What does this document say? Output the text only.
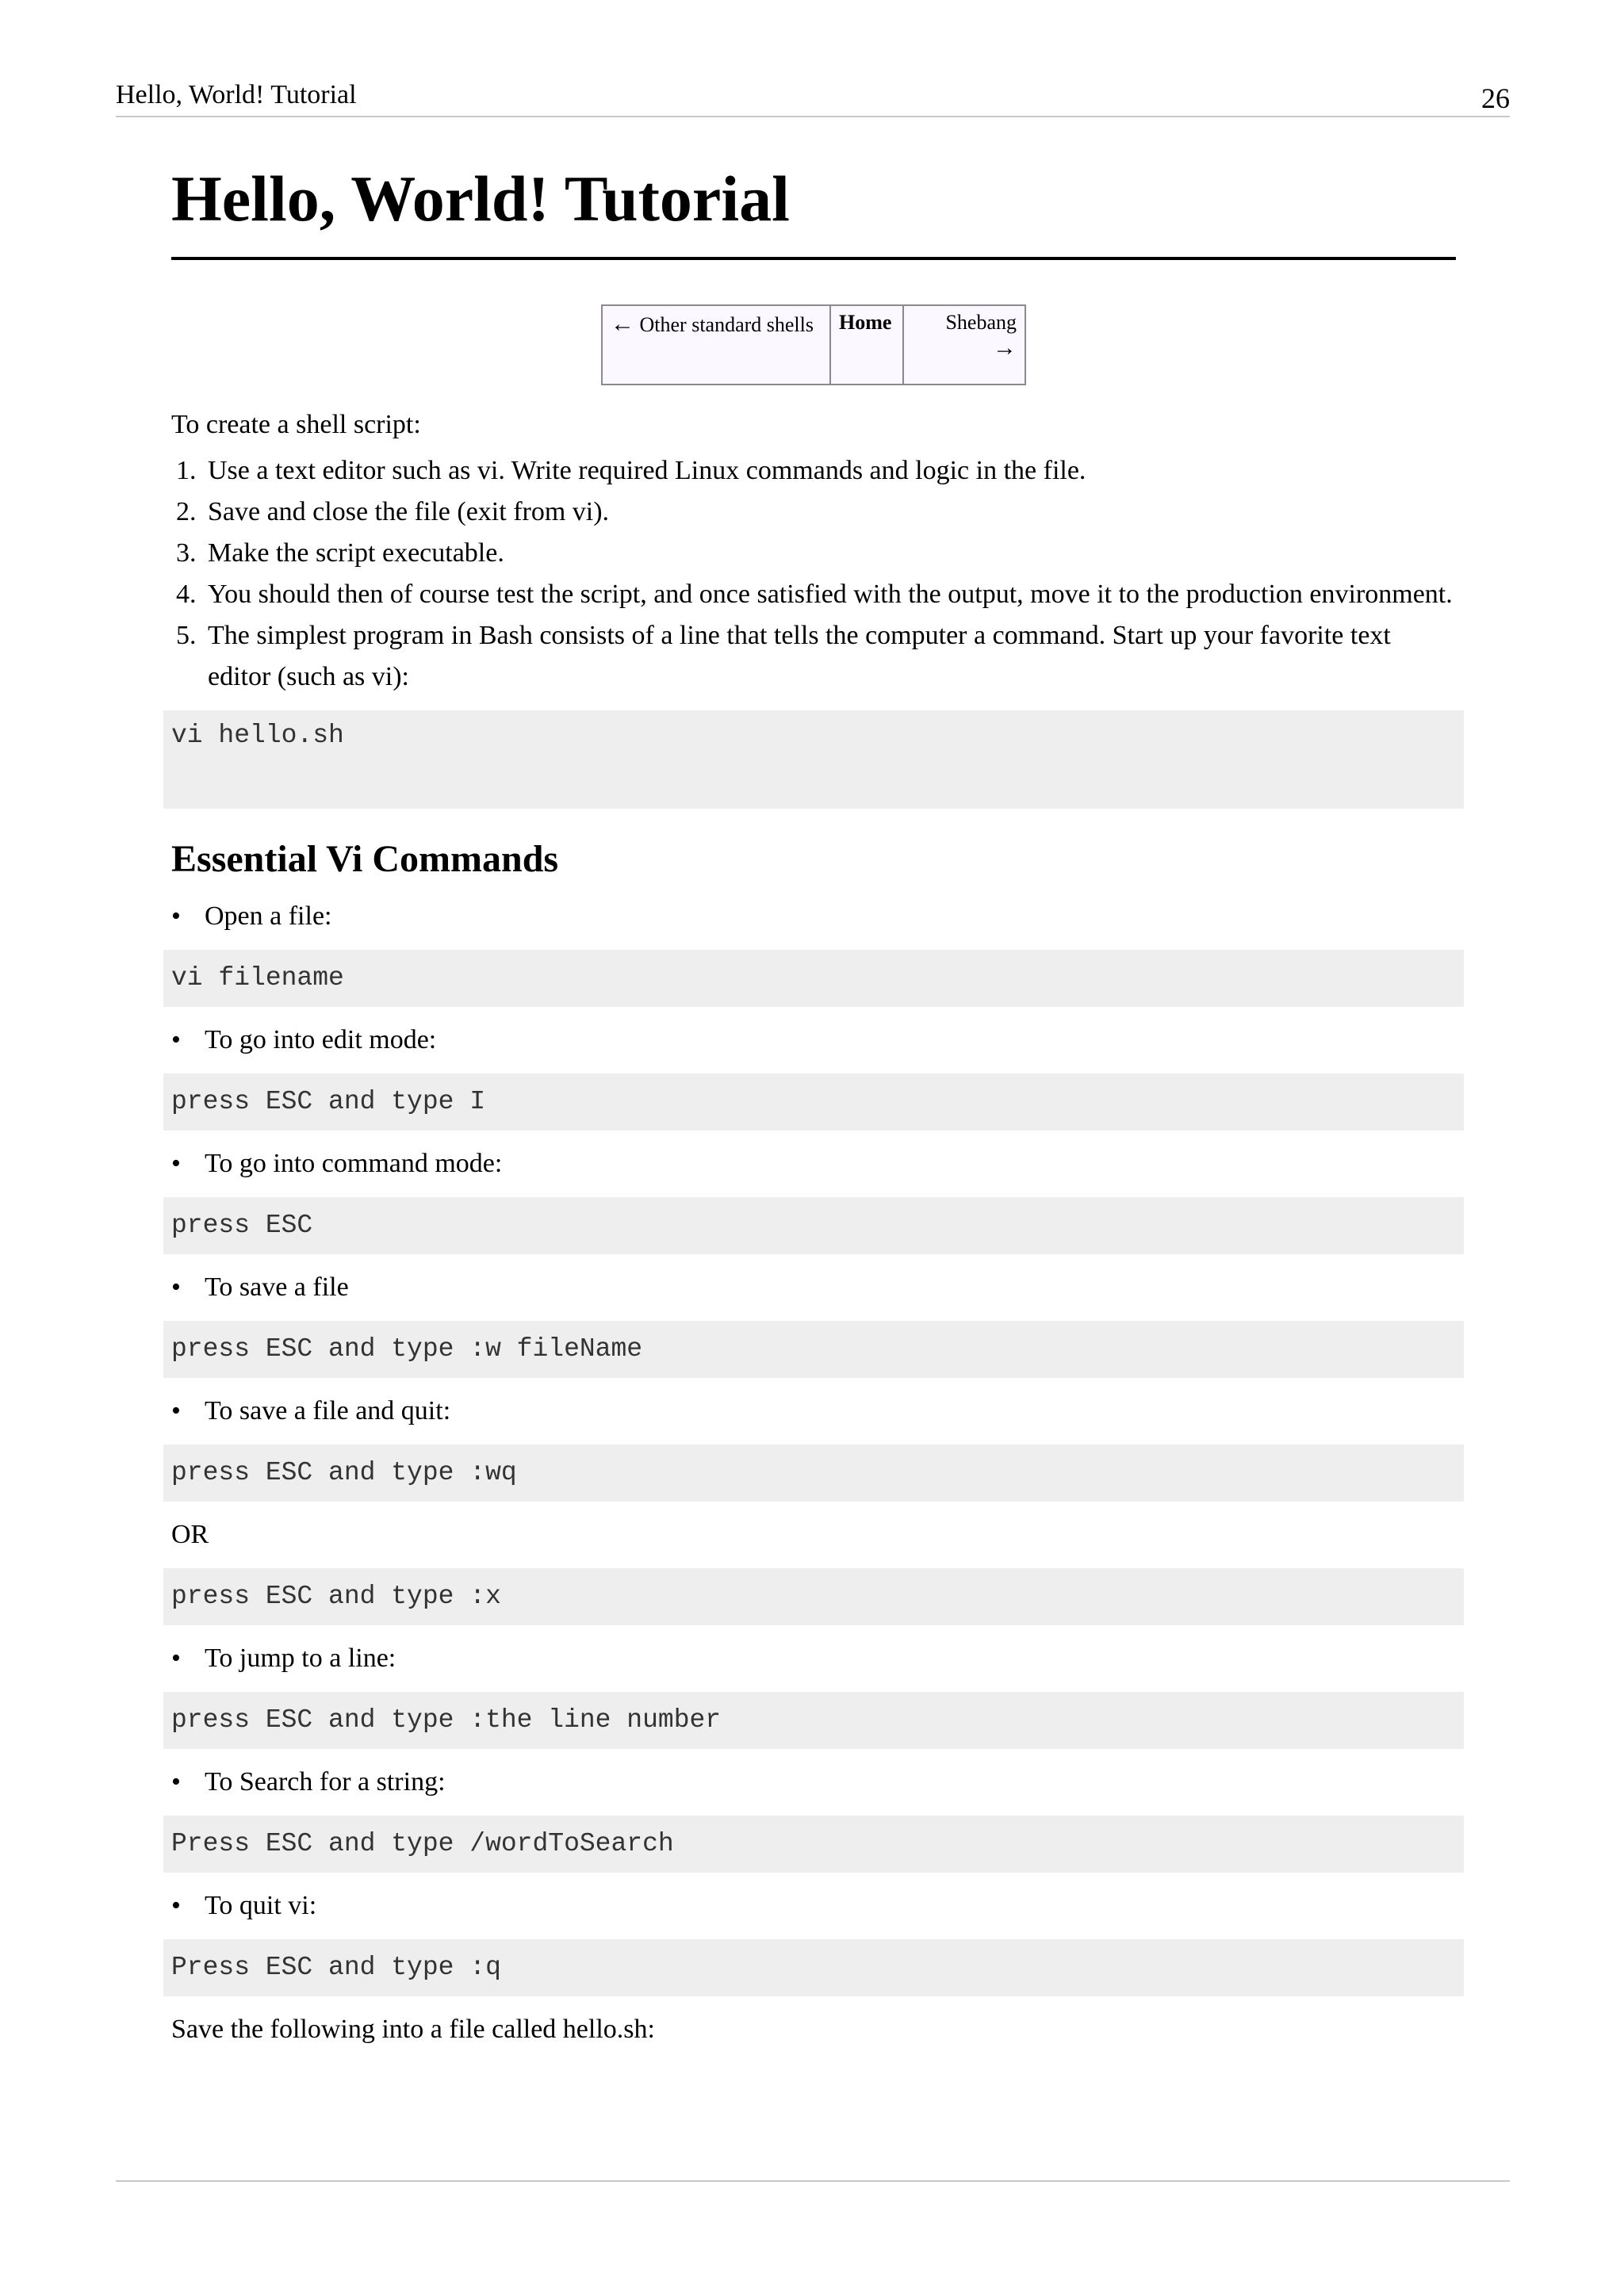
Hello, World! Tutorial	26
Hello, World! Tutorial
← Other standard shells	Home	Shebang
→

To create a shell script:

1. Use a text editor such as vi. Write required Linux commands and logic in the file.
2. Save and close the file (exit from vi).
3. Make the script executable.
4. You should then of course test the script, and once satisfied with the output, move it to the production environment.
5. The simplest program in Bash consists of a line that tells the computer a command. Start up your favorite text editor (such as vi):
vi hello.sh
Essential Vi Commands
• Open a file:
vi filename
• To go into edit mode:
press ESC and type I
• To go into command mode:
press ESC
• To save a file
press ESC and type :w fileName
• To save a file and quit:
press ESC and type :wq
OR
press ESC and type :x
• To jump to a line:
press ESC and type :the line number
• To Search for a string:
Press ESC and type /wordToSearch
• To quit vi:
Press ESC and type :q
Save the following into a file called hello.sh:
